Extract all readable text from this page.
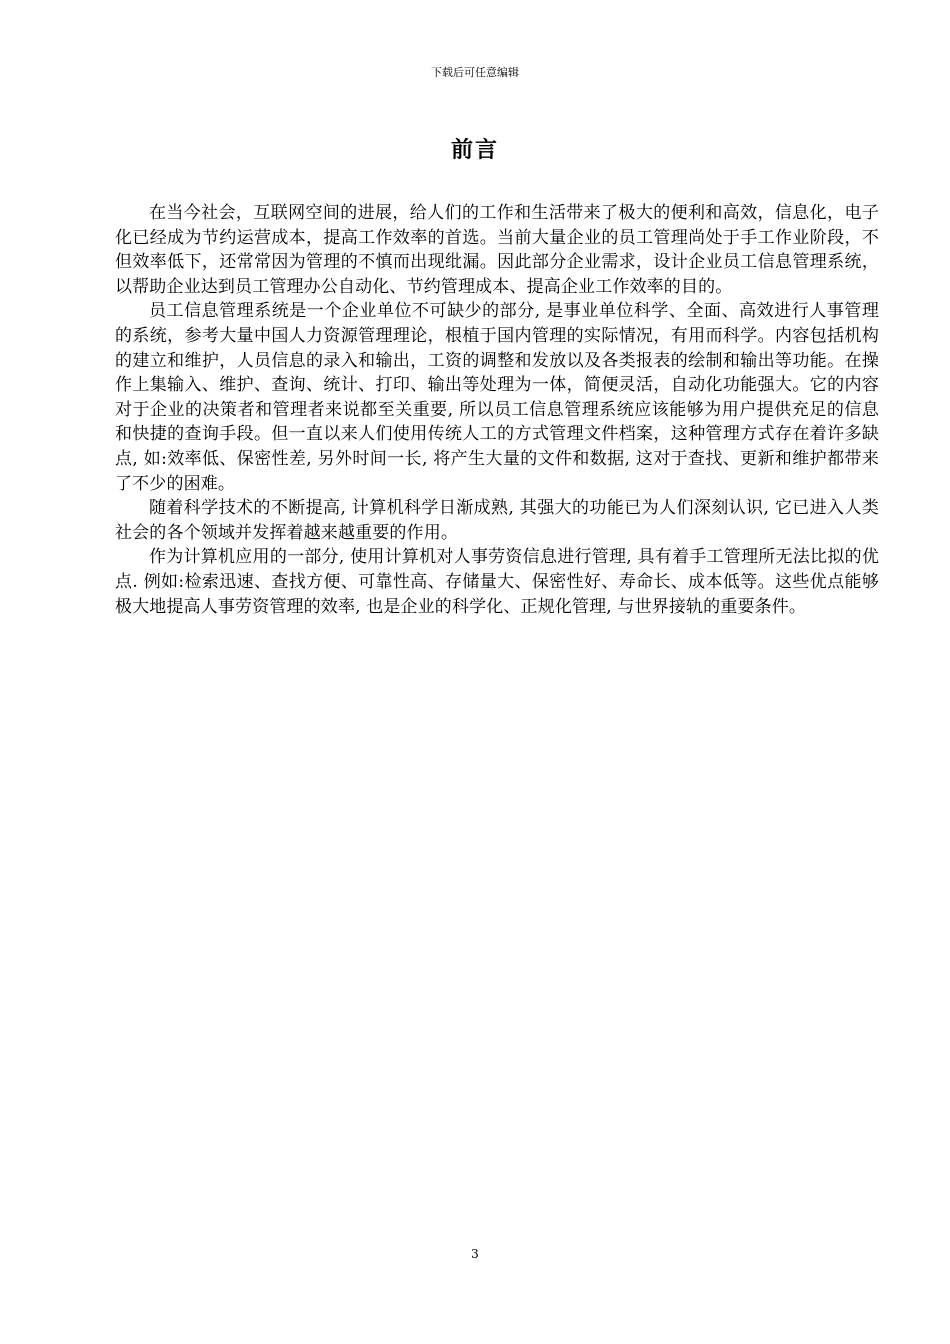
下载后可任意编辑
前言

在当今社会，互联网空间的进展，给人们的工作和生活带来了极大的便利和高效，信息化，电子化已经成为节约运营成本，提高工作效率的首选。当前大量企业的员工管理尚处于手工作业阶段，不但效率低下，还常常因为管理的不慎而出现纰漏。因此部分企业需求，设计企业员工信息管理系统，以帮助企业达到员工管理办公自动化、节约管理成本、提高企业工作效率的目的。

员工信息管理系统是一个企业单位不可缺少的部分, 是事业单位科学、全面、高效进行人事管理的系统，参考大量中国人力资源管理理论，根植于国内管理的实际情况，有用而科学。内容包括机构的建立和维护，人员信息的录入和输出，工资的调整和发放以及各类报表的绘制和输出等功能。在操作上集输入、维护、查询、统计、打印、输出等处理为一体，简便灵活，自动化功能强大。它的内容对于企业的决策者和管理者来说都至关重要, 所以员工信息管理系统应该能够为用户提供充足的信息和快捷的查询手段。但一直以来人们使用传统人工的方式管理文件档案，这种管理方式存在着许多缺点, 如:效率低、保密性差, 另外时间一长, 将产生大量的文件和数据, 这对于查找、更新和维护都带来了不少的困难。

随着科学技术的不断提高, 计算机科学日渐成熟, 其强大的功能已为人们深刻认识, 它已进入人类社会的各个领域并发挥着越来越重要的作用。

作为计算机应用的一部分, 使用计算机对人事劳资信息进行管理, 具有着手工管理所无法比拟的优点. 例如:检索迅速、查找方便、可靠性高、存储量大、保密性好、寿命长、成本低等。这些优点能够极大地提高人事劳资管理的效率, 也是企业的科学化、正规化管理, 与世界接轨的重要条件。

3
